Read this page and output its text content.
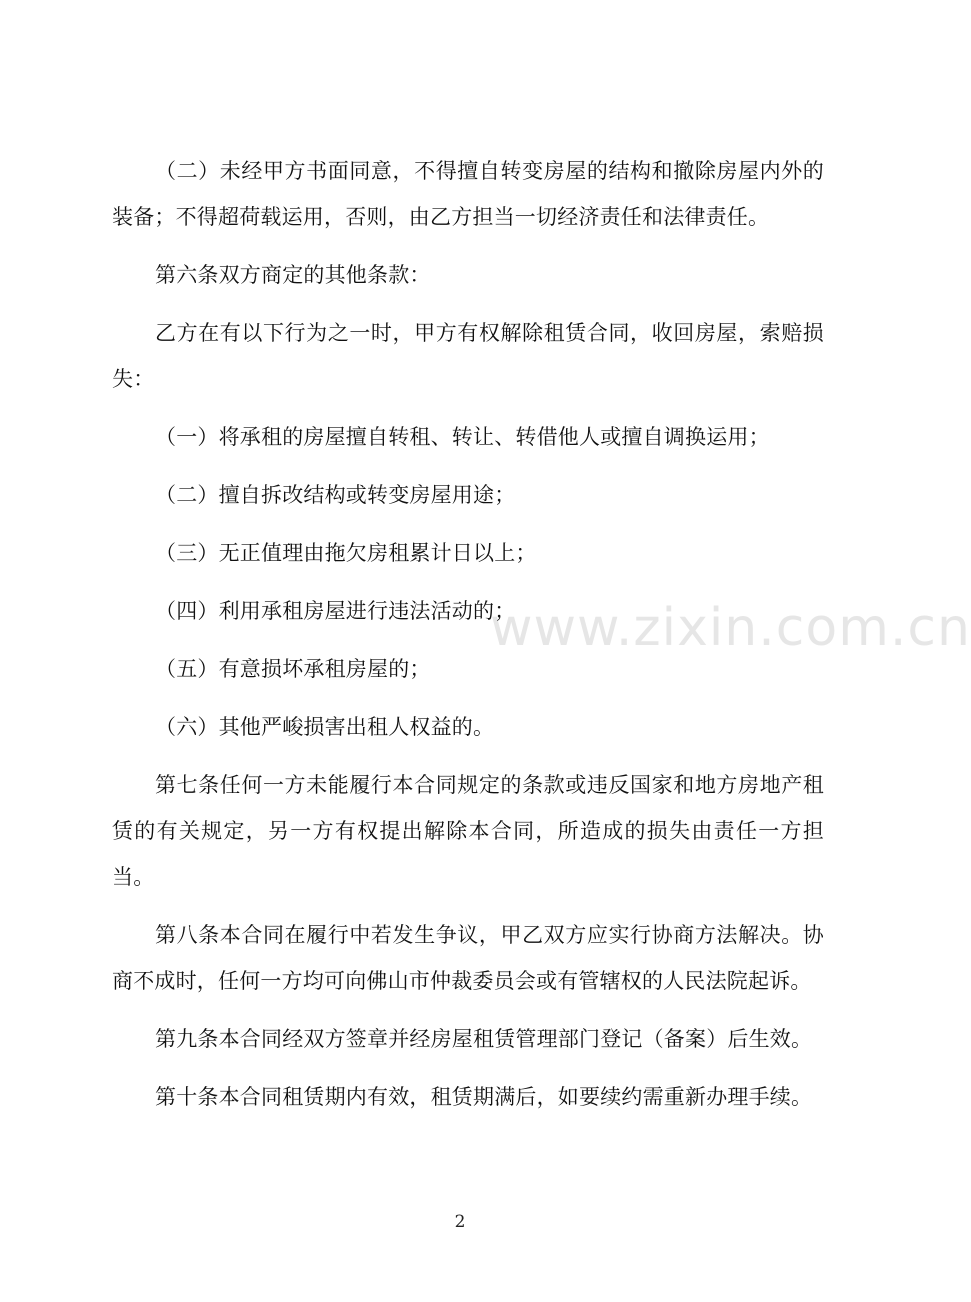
www.zixin.com.cn

（二）未经甲方书面同意，不得擅自转变房屋的结构和撤除房屋内外的装备；不得超荷载运用，否则，由乙方担当一切经济责任和法律责任。

第六条双方商定的其他条款：

乙方在有以下行为之一时，甲方有权解除租赁合同，收回房屋，索赔损失：

（一）将承租的房屋擅自转租、转让、转借他人或擅自调换运用；

（二）擅自拆改结构或转变房屋用途；

（三）无正值理由拖欠房租累计日以上；

（四）利用承租房屋进行违法活动的；

（五）有意损坏承租房屋的；

（六）其他严峻损害出租人权益的。

第七条任何一方未能履行本合同规定的条款或违反国家和地方房地产租赁的有关规定，另一方有权提出解除本合同，所造成的损失由责任一方担当。

第八条本合同在履行中若发生争议，甲乙双方应实行协商方法解决。协商不成时，任何一方均可向佛山市仲裁委员会或有管辖权的人民法院起诉。

第九条本合同经双方签章并经房屋租赁管理部门登记（备案）后生效。

第十条本合同租赁期内有效，租赁期满后，如要续约需重新办理手续。

2
